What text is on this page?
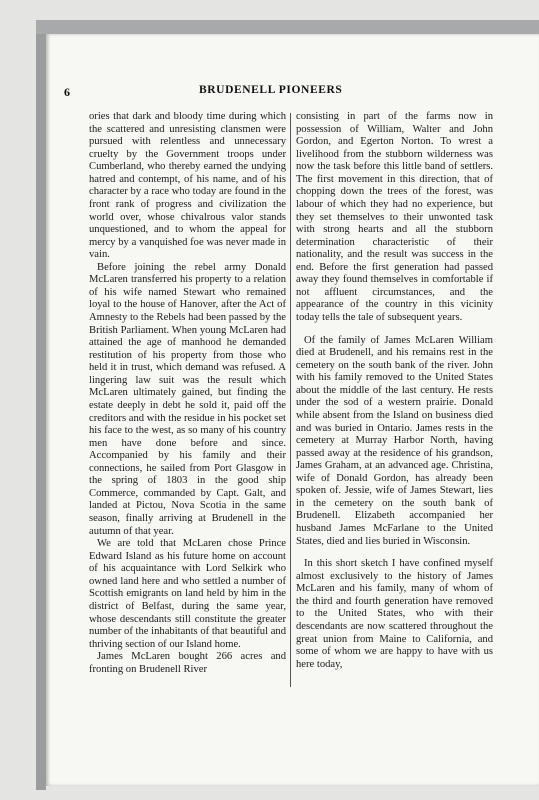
6	BRUDENELL PIONEERS

ories that dark and bloody time during which the scattered and unresisting clansmen were pursued with relentless and unnecessary cruelty by the Government troops under Cumberland, who thereby earned the undying hatred and contempt, of his name, and of his character by a race who today are found in the front rank of progress and civilization the world over, whose chivalrous valor stands unquestioned, and to whom the appeal for mercy by a vanquished foe was never made in vain.

Before joining the rebel army Donald McLaren transferred his property to a relation of his wife named Stewart who remained loyal to the house of Hanover, after the Act of Amnesty to the Rebels had been passed by the British Parliament. When young McLaren had attained the age of manhood he demanded restitution of his property from those who held it in trust, which demand was refused. A lingering law suit was the result which McLaren ultimately gained, but finding the estate deeply in debt he sold it, paid off the creditors and with the residue in his pocket set his face to the west, as so many of his country men have done before and since. Accompanied by his family and their connections, he sailed from Port Glasgow in the spring of 1803 in the good ship Commerce, commanded by Capt. Galt, and landed at Pictou, Nova Scotia in the same season, finally arriving at Brudenell in the autumn of that year.

We are told that McLaren chose Prince Edward Island as his future home on account of his acquaintance with Lord Selkirk who owned land here and who settled a number of Scottish emigrants on land held by him in the district of Belfast, during the same year, whose descendants still constitute the greater number of the inhabitants of that beautiful and thriving section of our Island home.

James McLaren bought 266 acres and fronting on Brudenell River

consisting in part of the farms now in possession of William, Walter and John Gordon, and Egerton Norton. To wrest a livelihood from the stubborn wilderness was now the task before this little band of settlers. The first movement in this direction, that of chopping down the trees of the forest, was labour of which they had no experience, but they set themselves to their unwonted task with strong hearts and all the stubborn determination characteristic of their nationality, and the result was success in the end. Before the first generation had passed away they found themselves in comfortable if not affluent circumstances, and the appearance of the country in this vicinity today tells the tale of subsequent years.

Of the family of James McLaren William died at Brudenell, and his remains rest in the cemetery on the south bank of the river. John with his family removed to the United States about the middle of the last century. He rests under the sod of a western prairie. Donald while absent from the Island on business died and was buried in Ontario. James rests in the cemetery at Murray Harbor North, having passed away at the residence of his grandson, James Graham, at an advanced age. Christina, wife of Donald Gordon, has already been spoken of. Jessie, wife of James Stewart, lies in the cemetery on the south bank of Brudenell. Elizabeth accompanied her husband James McFarlane to the United States, died and lies buried in Wisconsin.

In this short sketch I have confined myself almost exclusively to the history of James McLaren and his family, many of whom of the third and fourth generation have removed to the United States, who with their descendants are now scattered throughout the great union from Maine to California, and some of whom we are happy to have with us here today,
